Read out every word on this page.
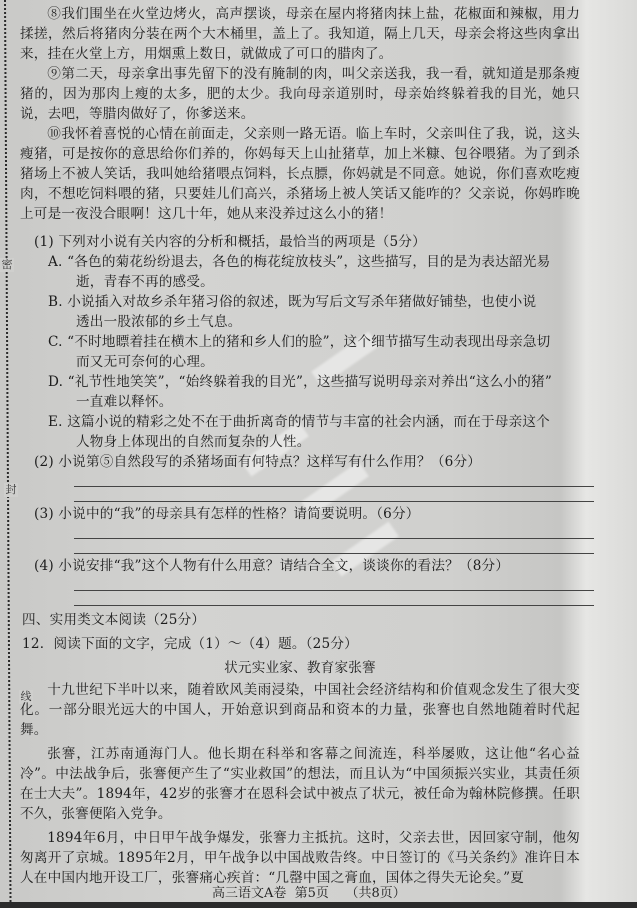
密
封
线

⑧我们围坐在火堂边烤火，高声摆谈，母亲在屋内将猪肉抹上盐，花椒面和辣椒，用力揉搓，然后将猪肉分装在两个大木桶里，盖上了。我知道，隔上几天，母亲会将这些肉拿出来，挂在火堂上方，用烟熏上数日，就做成了可口的腊肉了。

⑨第二天，母亲拿出事先留下的没有腌制的肉，叫父亲送我，我一看，就知道是那条瘦猪的，因为那肉上瘦的太多，肥的太少。我向母亲道别时，母亲始终躲着我的目光，她只说，去吧，等腊肉做好了，你爹送来。

⑩我怀着喜悦的心情在前面走，父亲则一路无语。临上车时，父亲叫住了我，说，这头瘦猪，可是按你的意思给你们养的，你妈每天上山扯猪草，加上米糠、包谷喂猪。为了到杀猪场上不被人笑话，我叫她给猪喂点饲料，长点膘，你妈就是不同意。她说，你们喜欢吃瘦肉，不想吃饲料喂的猪，只要娃儿们高兴，杀猪场上被人笑话又能咋的？父亲说，你妈昨晚上可是一夜没合眼啊！这几十年，她从来没养过这么小的猪！

(1) 下列对小说有关内容的分析和概括，最恰当的两项是（5分）

A. “各色的菊花纷纷退去，各色的梅花绽放枝头”，这些描写，目的是为表达韶光易
逝，青春不再的感受。

B. 小说插入对故乡杀年猪习俗的叙述，既为写后文写杀年猪做好铺垫，也使小说
透出一股浓郁的乡土气息。

C. “不时地瞟着挂在横木上的猪和乡人们的脸”，这个细节描写生动表现出母亲急切
而又无可奈何的心理。

D. “礼节性地笑笑”，“始终躲着我的目光”，这些描写说明母亲对养出“这么小的猪”
一直难以释怀。

E. 这篇小说的精彩之处不在于曲折离奇的情节与丰富的社会内涵，而在于母亲这个
人物身上体现出的自然而复杂的人性。

(2) 小说第⑤自然段写的杀猪场面有何特点？这样写有什么作用？（6分）

(3) 小说中的“我”的母亲具有怎样的性格？请简要说明。（6分）

(4) 小说安排“我”这个人物有什么用意？请结合全文，谈谈你的看法？（8分）

四、实用类文本阅读（25分）

12．阅读下面的文字，完成（1）～（4）题。（25分）

状元实业家、教育家张謇

十九世纪下半叶以来，随着欧风美雨浸染，中国社会经济结构和价值观念发生了很大变化。一部分眼光远大的中国人，开始意识到商品和资本的力量，张謇也自然地随着时代起舞。

张謇，江苏南通海门人。他长期在科举和客幕之间流连，科举屡败，这让他“名心益冷”。中法战争后，张謇便产生了“实业救国”的想法，而且认为“中国须振兴实业，其责任须在士大夫”。1894年，42岁的张謇才在恩科会试中被点了状元，被任命为翰林院修撰。任职不久，张謇便陷入党争。

1894年6月，中日甲午战争爆发，张謇力主抵抗。这时，父亲去世，因回家守制，他匆匆离开了京城。1895年2月，甲午战争以中国战败告终。中日签订的《马关条约》准许日本人在中国内地开设工厂，张謇痛心疾首：“几罄中国之膏血，国体之得失无论矣。”夏

高三语文A卷 第5页 （共8页）
